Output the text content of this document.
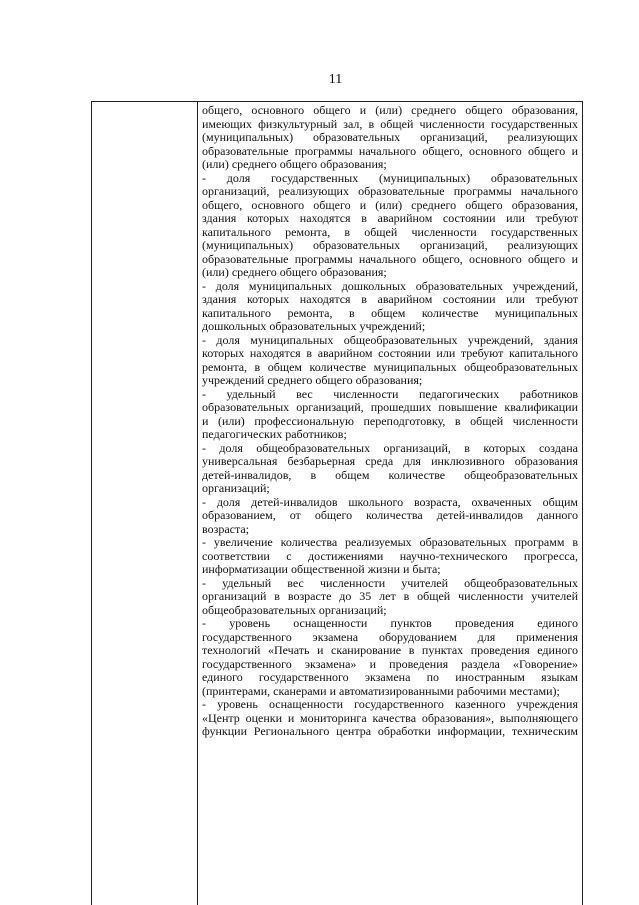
11
общего, основного общего и (или) среднего общего образования,
имеющих физкультурный зал, в общей численности государственных
(муниципальных) образовательных организаций, реализующих
образовательные программы начального общего, основного общего и
(или) среднего общего образования;
- доля государственных (муниципальных) образовательных
организаций, реализующих образовательные программы начального
общего, основного общего и (или) среднего общего образования,
здания которых находятся в аварийном состоянии или требуют
капитального ремонта, в общей численности государственных
(муниципальных) образовательных организаций, реализующих
образовательные программы начального общего, основного общего и
(или) среднего общего образования;
- доля муниципальных дошкольных образовательных учреждений,
здания которых находятся в аварийном состоянии или требуют
капитального ремонта, в общем количестве муниципальных
дошкольных образовательных учреждений;
- доля муниципальных общеобразовательных учреждений, здания
которых находятся в аварийном состоянии или требуют капитального
ремонта, в общем количестве муниципальных общеобразовательных
учреждений среднего общего образования;
- удельный вес численности педагогических работников
образовательных организаций, прошедших повышение квалификации
и (или) профессиональную переподготовку, в общей численности
педагогических работников;
- доля общеобразовательных организаций, в которых создана
универсальная безбарьерная среда для инклюзивного образования
детей-инвалидов, в общем количестве общеобразовательных
организаций;
- доля детей-инвалидов школьного возраста, охваченных общим
образованием, от общего количества детей-инвалидов данного
возраста;
- увеличение количества реализуемых образовательных программ в
соответствии с достижениями научно-технического прогресса,
информатизации общественной жизни и быта;
- удельный вес численности учителей общеобразовательных
организаций в возрасте до 35 лет в общей численности учителей
общеобразовательных организаций;
- уровень оснащенности пунктов проведения единого
государственного экзамена оборудованием для применения
технологий «Печать и сканирование в пунктах проведения единого
государственного экзамена» и проведения раздела «Говорение»
единого государственного экзамена по иностранным языкам
(принтерами, сканерами и автоматизированными рабочими местами);
- уровень оснащенности государственного казенного учреждения
«Центр оценки и мониторинга качества образования», выполняющего
функции Регионального центра обработки информации, техническим
